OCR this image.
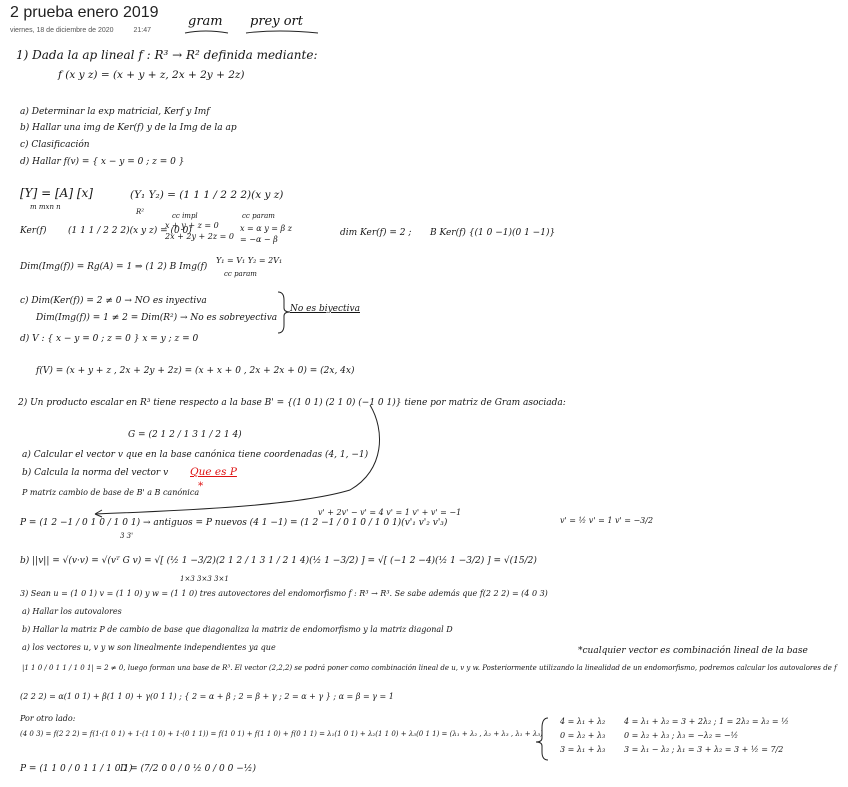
2 prueba enero 2019
viernes, 18 de diciembre de 2020	21:47
gram prey ort
1) Dada la ap lineal f : R³ → R² definida mediante:
f (x y z) = (x + y + z, 2x + 2y + 2z)
a) Determinar la exp matricial, Kerf y Imf
b) Hallar una img de Ker(f) y de la Img de la ap
c) Clasificación
d) Hallar f(v) = { x − y = 0 ; z = 0 }
[Y] = [A] [x]
m mxn n
(Y₁ Y₂) = (1 1 1 / 2 2 2)(x y z)
R²
Ker(f) (1 1 1 / 2 2 2)(x y z) = (0 0)
cc impl
x + y + z = 0
2x + 2y + 2z = 0
cc param
x = α y = β z = −α − β
dim Ker(f) = 2 ; B Ker(f) {(1 0 −1)(0 1 −1)}
Dim(Img(f)) = Rg(A) = 1 ⇒ (1 2) B Img(f)
Y₁ = V₁ Y₂ = 2V₁
cc param
c) Dim(Ker(f)) = 2 ≠ 0 → NO es inyectiva
Dim(Img(f)) = 1 ≠ 2 = Dim(R²) → No es sobreyectiva
No es biyectiva
d) V : { x − y = 0 ; z = 0 } x = y ; z = 0
f(V) = (x + y + z , 2x + 2y + 2z) = (x + x + 0 , 2x + 2x + 0) = (2x, 4x)
2) Un producto escalar en R³ tiene respecto a la base B' = {(1 0 1) (2 1 0) (−1 0 1)} tiene por matriz de Gram asociada:
G = (2 1 2 / 1 3 1 / 2 1 4)
a) Calcular el vector v que en la base canónica tiene coordenadas (4, 1, −1)
b) Calcula la norma del vector v Que es P
*
P matriz cambio de base de B' a B canónica
P = (1 2 −1 / 0 1 0 / 1 0 1) → antiguos = P nuevos (4 1 −1) = (1 2 −1 / 0 1 0 / 1 0 1)(v'₁ v'₂ v'₃)
3 3'
v' + 2v' − v' = 4 v' = 1 v' + v' = −1
v' = ½ v' = 1 v' = −3/2
b) ||v|| = √(v·v) = √(vᵀ G v) = √[ (½ 1 −3/2)(2 1 2 / 1 3 1 / 2 1 4)(½ 1 −3/2) ] = √[ (−1 2 −4)(½ 1 −3/2) ] = √(15/2)
1×3 3×3 3×1
3) Sean u = (1 0 1) v = (1 1 0) y w = (1 1 0) tres autovectores del endomorfismo f : R³ → R³. Se sabe además que f(2 2 2) = (4 0 3)
a) Hallar los autovalores
b) Hallar la matriz P de cambio de base que diagonaliza la matriz de endomorfismo y la matriz diagonal D
a) los vectores u, v y w son linealmente independientes ya que	*cualquier vector es combinación lineal de la base
|1 1 0 / 0 1 1 / 1 0 1| = 2 ≠ 0, luego forman una base de R³. El vector (2,2,2) se podrá poner como combinación lineal de u, v y w. Posteriormente utilizando la linealidad de un endomorfismo, podremos calcular los autovalores de f
(2 2 2) = α(1 0 1) + β(1 1 0) + γ(0 1 1) ; { 2 = α + β ; 2 = β + γ ; 2 = α + γ } ; α = β = γ = 1
Por otro lado:
(4 0 3) = f(2 2 2) = f(1·(1 0 1) + 1·(1 1 0) + 1·(0 1 1)) = f(1 0 1) + f(1 1 0) + f(0 1 1) = λ₁(1 0 1) + λ₂(1 1 0) + λ₃(0 1 1) = (λ₁ + λ₂ , λ₂ + λ₃ , λ₁ + λ₃)
4 = λ₁ + λ₂
0 = λ₂ + λ₃
3 = λ₁ + λ₃
4 = λ₁ + λ₂ = 3 + 2λ₂ ; 1 = 2λ₂ = λ₂ = ½
0 = λ₂ + λ₃ ; λ₃ = −λ₂ = −½
3 = λ₁ − λ₂ ; λ₁ = 3 + λ₂ = 3 + ½ = 7/2
P = (1 1 0 / 0 1 1 / 1 0 1)
D = (7/2 0 0 / 0 ½ 0 / 0 0 −½)
